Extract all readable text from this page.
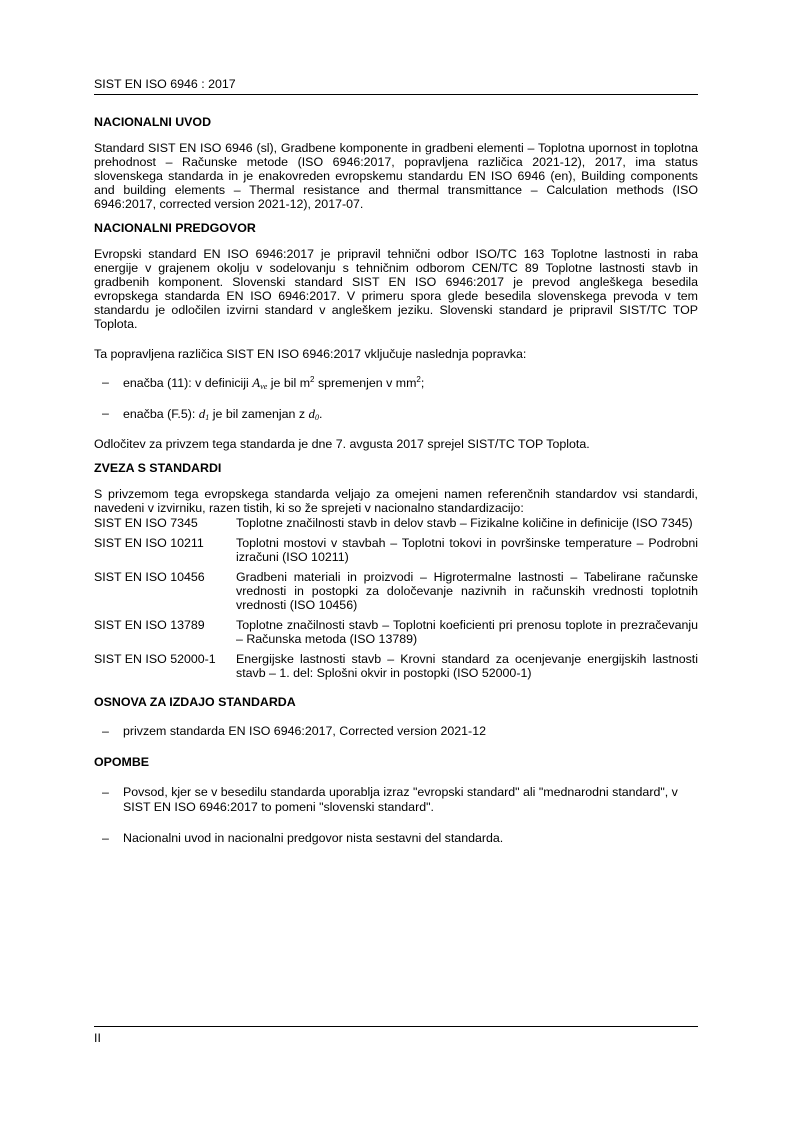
SIST EN ISO 6946 : 2017
NACIONALNI UVOD

Standard SIST EN ISO 6946 (sl), Gradbene komponente in gradbeni elementi – Toplotna upornost in toplotna prehodnost – Računske metode (ISO 6946:2017, popravljena različica 2021-12), 2017, ima status slovenskega standarda in je enakovreden evropskemu standardu EN ISO 6946 (en), Building components and building elements – Thermal resistance and thermal transmittance – Calculation methods (ISO 6946:2017, corrected version 2021-12), 2017-07.

NACIONALNI PREDGOVOR

Evropski standard EN ISO 6946:2017 je pripravil tehnični odbor ISO/TC 163 Toplotne lastnosti in raba energije v grajenem okolju v sodelovanju s tehničnim odborom CEN/TC 89 Toplotne lastnosti stavb in gradbenih komponent. Slovenski standard SIST EN ISO 6946:2017 je prevod angleškega besedila evropskega standarda EN ISO 6946:2017. V primeru spora glede besedila slovenskega prevoda v tem standardu je odločilen izvirni standard v angleškem jeziku. Slovenski standard je pripravil SIST/TC TOP Toplota.

Ta popravljena različica SIST EN ISO 6946:2017 vključuje naslednja popravka:

– enačba (11): v definiciji $A_{ve}$ je bil $m^2$ spremenjen v $mm^2$;
– enačba (F.5): $d_1$ je bil zamenjan z $d_0$.

Odločitev za privzem tega standarda je dne 7. avgusta 2017 sprejel SIST/TC TOP Toplota.

ZVEZA S STANDARDI

S privzemom tega evropskega standarda veljajo za omejeni namen referenčnih standardov vsi standardi, navedeni v izvirniku, razen tistih, ki so že sprejeti v nacionalno standardizacijo:

SIST EN ISO 7345	Toplotne značilnosti stavb in delov stavb – Fizikalne količine in definicije (ISO 7345)
SIST EN ISO 10211	Toplotni mostovi v stavbah – Toplotni tokovi in površinske temperature – Podrobni izračuni (ISO 10211)
SIST EN ISO 10456	Gradbeni materiali in proizvodi – Higrotermalne lastnosti – Tabelirane računske vrednosti in postopki za določevanje nazivnih in računskih vrednosti toplotnih vrednosti (ISO 10456)
SIST EN ISO 13789	Toplotne značilnosti stavb – Toplotni koeficienti pri prenosu toplote in prezračevanju – Računska metoda (ISO 13789)
SIST EN ISO 52000-1	Energijske lastnosti stavb – Krovni standard za ocenjevanje energijskih lastnosti stavb – 1. del: Splošni okvir in postopki (ISO 52000-1)
OSNOVA ZA IZDAJO STANDARDA
– privzem standarda EN ISO 6946:2017, Corrected version 2021-12
OPOMBE
– Povsod, kjer se v besedilu standarda uporablja izraz "evropski standard" ali "mednarodni standard", v SIST EN ISO 6946:2017 to pomeni "slovenski standard".
– Nacionalni uvod in nacionalni predgovor nista sestavni del standarda.
II
